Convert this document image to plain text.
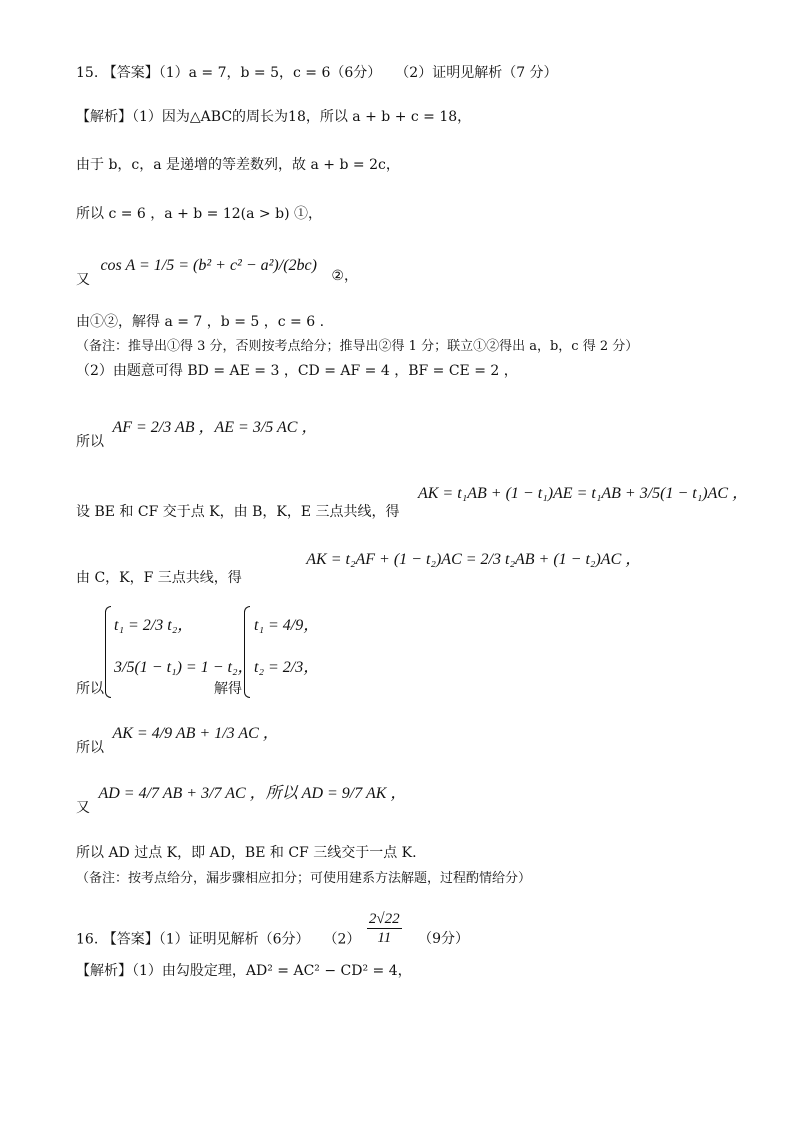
15. 【答案】（1）a = 7，b = 5，c = 6（6分）　　（2）证明见解析（7 分）
【解析】（1）因为△ABC的周长为18，所以 a + b + c = 18，
由于 b，c，a 是递增的等差数列，故 a + b = 2c，
所以 c = 6 ，a + b = 12(a > b) ①，
又 cos A = 1/5 = (b² + c² − a²)/(2bc) ②，
由①②，解得 a = 7 ，b = 5 ，c = 6 .
（备注：推导出①得 3 分，否则按考点给分；推导出②得 1 分；联立①②得出 a，b，c 得 2 分）
（2）由题意可得 BD = AE = 3 ，CD = AF = 4 ，BF = CE = 2 ，
所以 AF = 2/3 AB ，AE = 3/5 AC ，
设 BE 和 CF 交于点 K，由 B，K，E 三点共线，得 AK = t₁AB + (1 − t₁)AE = t₁AB + 3/5(1 − t₁)AC ，
由 C，K，F 三点共线，得 AK = t₂AF + (1 − t₂)AC = 2/3 t₂AB + (1 − t₂)AC ，
所以
t₁ = 2/3 t₂，
3/5(1 − t₁) = 1 − t₂，
解得
t₁ = 4/9，
t₂ = 2/3，
所以 AK = 4/9 AB + 1/3 AC ，
又 AD = 4/7 AB + 3/7 AC ，所以 AD = 9/7 AK ，
所以 AD 过点 K，即 AD，BE 和 CF 三线交于一点 K.
（备注：按考点给分，漏步骤相应扣分；可使用建系方法解题，过程酌情给分）
16. 【答案】（1）证明见解析（6分）　　$(2) \frac{2√22}{11} (9$分）
【解析】（1）由勾股定理，AD² = AC² − CD² = 4，
